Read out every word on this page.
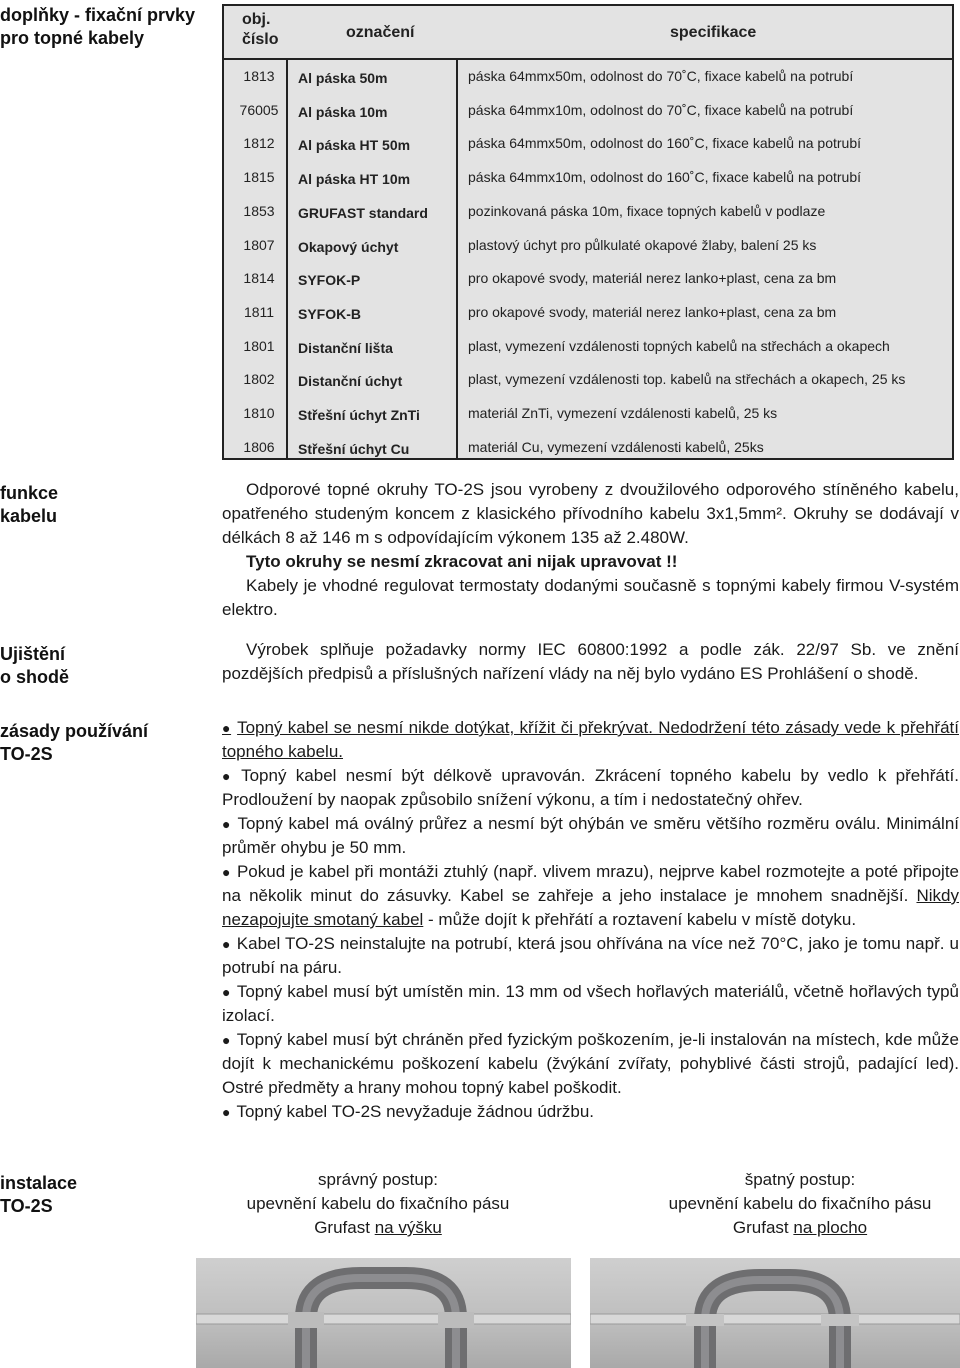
doplňky - fixační prvky
pro topné kabely
funkce
kabelu
Ujištění
o shodě
zásady používání
TO-2S
instalace
TO-2S
obj.
číslo	označení	specifikace
1813	Al páska 50m	páska 64mmx50m, odolnost do 70˚C, fixace kabelů na potrubí
76005 Al páska 10m	páska 64mmx10m, odolnost do 70˚C, fixace kabelů na potrubí
1812	Al páska HT 50m	páska 64mmx50m, odolnost do 160˚C, fixace kabelů na potrubí
1815	Al páska HT 10m	páska 64mmx10m, odolnost do 160˚C, fixace kabelů na potrubí
1853	GRUFAST standard	pozinkovaná páska 10m, fixace topných kabelů v podlaze
1807	Okapový úchyt	plastový úchyt pro půlkulaté okapové žlaby, balení 25 ks
1814	SYFOK-P	pro okapové svody, materiál nerez lanko+plast, cena za bm
1811	SYFOK-B	pro okapové svody, materiál nerez lanko+plast, cena za bm
1801	Distanční lišta	plast, vymezení vzdálenosti topných kabelů na střechách a okapech
1802	Distanční úchyt	plast, vymezení vzdálenosti top. kabelů na střechách a okapech, 25 ks
1810	Střešní úchyt ZnTi	materiál ZnTi, vymezení vzdálenosti kabelů, 25 ks
1806	Střešní úchyt Cu	materiál Cu, vymezení vzdálenosti kabelů, 25ks

Odporové topné okruhy TO-2S jsou vyrobeny z dvoužilového odporového stíněného kabelu, opatřeného studeným koncem z klasického přívodního kabelu 3x1,5mm². Okruhy se dodávají v délkách 8 až 146 m s odpovídajícím výkonem 135 až 2.480W.

Tyto okruhy se nesmí zkracovat ani nijak upravovat !!

Kabely je vhodné regulovat termostaty dodanými současně s topnými kabely firmou V-systém elektro.

Výrobek splňuje požadavky normy IEC 60800:1992 a podle zák. 22/97 Sb. ve znění pozdějších předpisů a příslušných nařízení vlády na něj bylo vydáno ES Prohlášení o shodě.

● Topný kabel se nesmí nikde dotýkat, křížit či překrývat. Nedodržení této zásady vede k přehřátí topného kabelu.

● Topný kabel nesmí být délkově upravován. Zkrácení topného kabelu by vedlo k přehřátí. Prodloužení by naopak způsobilo snížení výkonu, a tím i nedostatečný ohřev.

● Topný kabel má oválný průřez a nesmí být ohýbán ve směru většího rozměru oválu. Minimální průměr ohybu je 50 mm.

● Pokud je kabel při montáži ztuhlý (např. vlivem mrazu), nejprve kabel rozmotejte a poté připojte na několik minut do zásuvky. Kabel se zahřeje a jeho instalace je mnohem snadnější. Nikdy nezapojujte smotaný kabel - může dojít k přehřátí a roztavení kabelu v místě dotyku.

● Kabel TO-2S neinstalujte na potrubí, která jsou ohřívána na více než 70°C, jako je tomu např. u potrubí na páru.

● Topný kabel musí být umístěn min. 13 mm od všech hořlavých materiálů, včetně hořlavých typů izolací.

● Topný kabel musí být chráněn před fyzickým poškozením, je-li instalován na místech, kde může dojít k mechanickému poškození kabelu (žvýkání zvířaty, pohyblivé části strojů, padající led). Ostré předměty a hrany mohou topný kabel poškodit.

● Topný kabel TO-2S nevyžaduje žádnou údržbu.

správný postup:
upevnění kabelu do fixačního pásu
Grufast na výšku
špatný postup:
upevnění kabelu do fixačního pásu
Grufast na plocho
